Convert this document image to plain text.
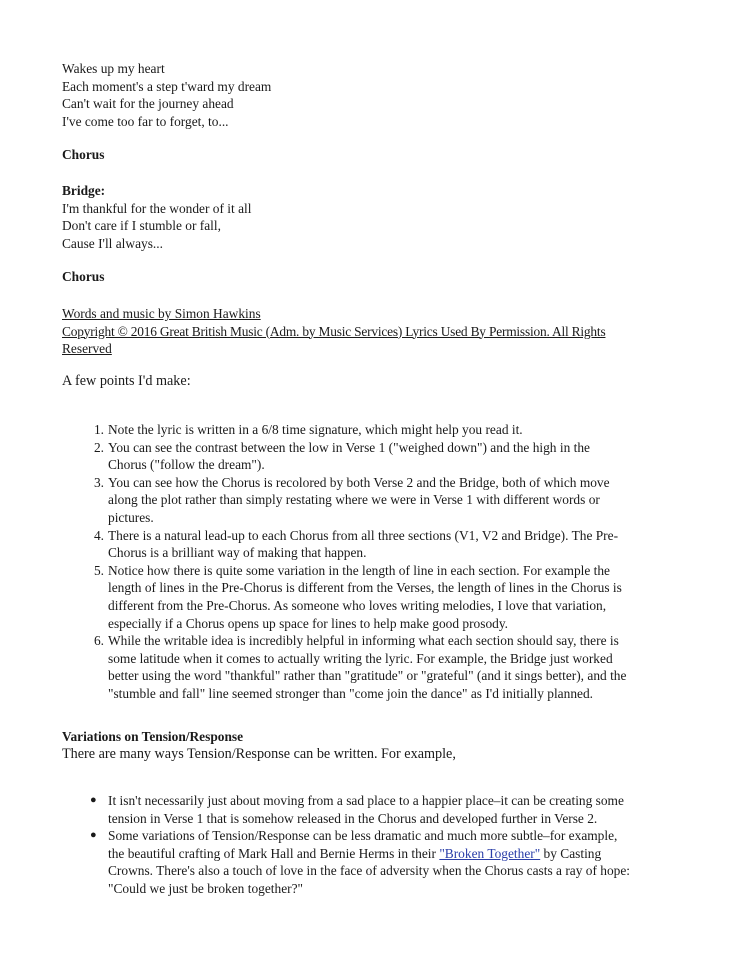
Wakes up my heart
Each moment's a step t'ward my dream
Can't wait for the journey ahead
I've come too far to forget, to...
Chorus
Bridge:
I'm thankful for the wonder of it all
Don't care if I stumble or fall,
Cause I'll always...
Chorus
Words and music by Simon Hawkins
Copyright © 2016 Great British Music (Adm. by Music Services) Lyrics Used By Permission. All Rights
Reserved
A few points I'd make:
1. Note the lyric is written in a 6/8 time signature, which might help you read it.
2. You can see the contrast between the low in Verse 1 ("weighed down") and the high in the
Chorus ("follow the dream").
3. You can see how the Chorus is recolored by both Verse 2 and the Bridge, both of which move
along the plot rather than simply restating where we were in Verse 1 with different words or
pictures.
4. There is a natural lead-up to each Chorus from all three sections (V1, V2 and Bridge). The Pre-
Chorus is a brilliant way of making that happen.
5. Notice how there is quite some variation in the length of line in each section. For example the
length of lines in the Pre-Chorus is different from the Verses, the length of lines in the Chorus is
different from the Pre-Chorus. As someone who loves writing melodies, I love that variation,
especially if a Chorus opens up space for lines to help make good prosody.
6. While the writable idea is incredibly helpful in informing what each section should say, there is
some latitude when it comes to actually writing the lyric. For example, the Bridge just worked
better using the word "thankful" rather than "gratitude" or "grateful" (and it sings better), and the
"stumble and fall" line seemed stronger than "come join the dance" as I'd initially planned.
Variations on Tension/Response
There are many ways Tension/Response can be written. For example,
● It isn't necessarily just about moving from a sad place to a happier place–it can be creating some
tension in Verse 1 that is somehow released in the Chorus and developed further in Verse 2.
● Some variations of Tension/Response can be less dramatic and much more subtle–for example,
the beautiful crafting of Mark Hall and Bernie Herms in their "Broken Together" by Casting
Crowns. There's also a touch of love in the face of adversity when the Chorus casts a ray of hope:
"Could we just be broken together?"
